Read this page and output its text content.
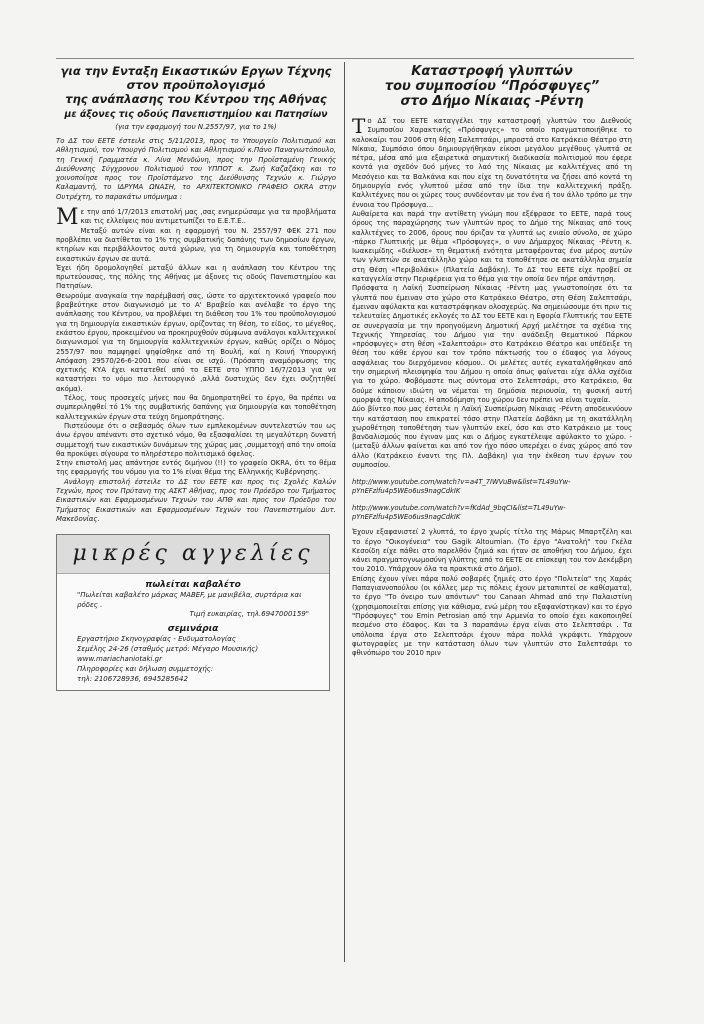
για την Ενταξη Εικαστικών Εργων Τέχνης
στον προϋπολογισμό
της ανάπλασης του Κέντρου της Αθήνας
με άξονες τις οδούς Πανεπιστημίου και Πατησίων
(για την εφαρμογή του Ν.2557/97, για το 1%)

Το ΔΣ του ΕΕΤΕ έστειλε στις 5/11/2013, προς το Υπουργείο Πολιτισμού και Αθλητισμού, τον Υπουργό Πολιτισμού και Αθλητισμού κ.Πάνο Παναγιωτόπουλο, τη Γενική Γραμματέα κ. Λίνα Μενδώνη, προς την Προϊσταμένη Γενικής Διεύθυνσης Σύγχρονου Πολιτισμού του ΥΠΠΟΤ κ. Ζωή Καζαζάκη και το χοινοποίησε προς τον Προϊστάμενο της Διεύθυνσης Τεχνών κ. Γιώργο Καλαμαντή, το ΙΔΡΥΜΑ ΩΝΑΣΗ, το ΑΡΧΙΤΕΚΤΟΝΙΚΟ ΓΡΑΦΕΙΟ OKRA στην Ουτρέχτη, το παρακάτω υπόμνημα :

Με την από 1/7/2013 επιστολή μας ,σας ενημερώσαμε για τα προβλήματα και τις ελλείψεις που αντιμετωπίζει το Ε.Ε.Τ.Ε..

Μεταξύ αυτών είναι και η εφαρμογή του Ν. 2557/97 ΦΕΚ 271 που προβλέπει να διατίθεται το 1% της συμβατικής δαπάνης των δημοσίων έργων, κτηρίων και περιβάλλοντος αυτά χώρων, για τη δημιουργία και τοποθέτηση εικαστικών έργων σε αυτά.

Έχει ήδη δρομολογηθεί μεταξύ άλλων και η ανάπλαση του Κέντρου της πρωτεύουσας, της πόλης της Αθήνας με άξονες τις οδούς Πανεπιστημίου και Πατησίων.

Θεωρούμε αναγκαία την παρέμβασή σας, ώστε το αρχιτεκτονικό γραφείο που βραβεύτηκε στον διαγωνισμό με το Α' Βραβείο και ανέλαβε το έργο της ανάπλασης του Κέντρου, να προβλέψει τη διάθεση του 1% του προϋπολογισμού για τη δημιουργία εικαστικών έργων, ορίζοντας τη θέση, το είδος, το μέγεθος, εκάστου έργου, προκειμένου να προκηρυχθούν σύμφωνα ανάλογοι καλλιτεχνικοί διαγωνισμοί για τη δημιουργία καλλιτεχνικών έργων, καθώς ορίζει ο Νόμος 2557/97 που παμψηφεί ψηφίσθηκε από τη Βουλή, καί η Κοινή Υπουργική Απόφαση 29570/26-6-2001 που είναι σε ισχύ. (Πρόσατη αναμόρφωσης της σχετικής ΚΥΑ έχει κατατεθεί από το ΕΕΤΕ στο ΥΠΠΟ 16/7/2013 για να καταστήσει το νόμο πιο λειτουργικό ,αλλά δυστυχώς δεν έχει συζητηθεί ακόμα).

Τέλος, τους προσεχείς μήνες που θα δημοπρατηθεί το έργο, θα πρέπει να συμπεριληφθεί τό 1% της συμβατικής δαπάνης για δημιουργία και τοποθέτηση καλλιτεχνικών έργων στα τεύχη δημοπράτησης.

Πιστεύουμε ότι ο σεβασμός όλων των εμπλεκομένων συντελεστών του ως άνω έργου απέναντι στο σχετικό νόμο, θα εξασφαλίσει τη μεγαλύτερη δυνατή συμμετοχή των εικαστικών δυνάμεων της χώρας μας ,συμμετοχή από την οποία θα προκύψει σίγουρα το πληρέστερο πολιτισμικό όφελος.

Στην επιστολή μας απάντησε εντός διμήνου (!!) το γραφείο OKRA, ότι το θέμα της εφαρμογής του νόμου για το 1% είναι θέμα της Ελληνικής Κυβέρνησης.

Ανάλογη επιστολή έστειλε το ΔΣ του ΕΕΤΕ και προς τις Σχολές Καλών Τεχνών, προς τον Πρύτανη της ΑΣΚΤ Αθήνας, προς τον Πρόεδρο του Τμήματος Εικαστικών και Εφαρμοσμένων Τεχνών του ΑΠΘ και προς τον Πρόεδρο του Τμήματος Εικαστικών και Εφαρμοσμένων Τεχνών του Πανεπιστημίου Δυτ. Μακεδονίας.

μικρές αγγελίες
πωλείται καβαλέτο
"Πωλείται καβαλέτο μάρκας MABEF, με μανιβέλα, συρτάρια και ρόδες .
Τιμή ευκαιρίας, τηλ.6947000159"
σεμινάρια
Εργαστήριο Σκηνογραφίας - Ενδυματολογίας
Σεμέλης 24-26 (σταθμός μετρό: Μέγαρο Μουσικής)
www.mariachaniotaki.gr
Πληροφορίες και δήλωση συμμετοχής:
τηλ: 2106728936, 6945285642
Καταστροφή γλυπτών
του συμποσίου “Πρόσφυγες”
στο Δήμο Νίκαιας -Ρέντη

Το ΔΣ του ΕΕΤΕ καταγγέλει την καταστροφή γλυπτών του Διεθνούς Συμποσίου Χαρακτικής «Πρόσφυγες» το οποίο πραγματοποιήθηκε το καλοκαίρι του 2006 στη θέση Σαλεπτσάρι, μπροστά στο Κατράκειο Θέατρο στη Νίκαια, Συμπόσιο όπου δημιουργήθηκαν είκοσι μεγάλου μεγέθους γλυπτά σε πέτρα, μέσα από μια εξαιρετικά σημαντική διαδικασία πολιτισμού που έφερε κοντά για σχεδόν δυό μήνες το λαό της Νίκαιας με καλλιτέχνες από τη Μεσόγειο και τα Βαλκάνια και που είχε τη δυνατότητα να ζήσει από κοντά τη δημιουργία ενός γλυπτού μέσα από την ίδια την καλλιτεχνική πράξη. Καλλιτέχνες που οι χώρες τους συνδέονταν με τον ένα ή τον άλλο τρόπο με την έννοια του Πρόσφυγα...

Αυθαίρετα και παρά την αντίθετη γνώμη που εξέφρασε το ΕΕΤΕ, παρά τους όρους της παραχώρησης των γλυπτών προς το Δήμο της Νίκαιας από τους καλλιτέχνες το 2006, όρους που όριζαν τα γλυπτά ως ενιαίο σύνολο, σε χώρο -πάρκο Γλυπτικής με θέμα «Πρόσφυγες», ο νυν Δήμαρχος Νίκαιας -Ρέντη κ. Ιωακειμίδης «διέλυσε» τη θεματική ενότητα μεταφέροντας ένα μέρος αυτών των γλυπτών σε ακατάλληλο χώρο και τα τοποθέτησε σε ακατάλληλα σημεία στη Θέση «Περιβολάκι» (Πλατεία Δαβάκη). Το ΔΣ του ΕΕΤΕ είχε προβεί σε καταγγελία στην Περιφέρεια για το θέμα για την οποία δεν πήρε απάντηση.

Πρόσφατα η Λαϊκή Συσπείρωση Νίκαιας -Ρέντη μας γνωστοποίησε ότι τα γλυπτά που έμειναν στο χώρο στο Κατράκειο Θέατρο, στη Θέση Σαλεπτσάρι, έμειναν αφύλακτα και καταστράφηκαν ολοσχερώς. Να σημειώσουμε ότι πριν τις τελευταίες Δημοτικές εκλογές το ΔΣ του ΕΕΤΕ και η Εφορία Γλυπτικής του ΕΕΤΕ σε συνεργασία με την προηγούμενη Δημοτική Αρχή μελέτησε τα σχέδια της Τεχνικής Υπηρεσίας του Δήμου για την ανάδειξη Θεματικού Πάρκου «πρόσφυγες» στη θέση «Σαλεπτσάρι» στο Κατράκειο Θέατρο και υπέδειξε τη θέση του κάθε έργου και τον τρόπο πάκτωσής του ο έδαφος για λόγους ασφάλειας του διερχόμενου κόσμου.. Οι μελέτες αυτές εγκαταλήφθηκαν από την σημερινή πλειοψηφία του Δήμου η οποία όπως φαίνεται είχε άλλα σχέδια για το χώρο. Φοβόμαστε πως σύντομα στο Σελεπτσάρι, στο Κατράκειο, θα δούμε κάποιον ιδιώτη να νέμεται τη δημόσια περιουσία, τη φυσική αυτή ομορφιά της Νίκαιας. Η αποδόμηση του χώρου δεν πρέπει να είναι τυχαία.

Δύο βίντεο που μας έστειλε η Λαϊκή Συσπείρωση Νίκαιας -Ρέντη αποδεικνύουν την κατάσταση που επικρατεί τόσο στην Πλατεία Δαβάκη με τη ακατάλληλη χωροθέτηση τοποθέτηση των γλυπτών εκεί, όσο και στο Κατράκειο με τους βανδαλισμούς που έγιναν μας και ο Δήμος εγκατέλειψε αφύλακτο το χώρο. -(μεταξύ άλλων φαίνεται και από τον ήχο πόσο υπερέχει ο ένας χώρος από τον άλλο (Κατράκειο έναντι της Πλ. Δαβάκη) για την έκθεση των έργων του συμποσίου.

http://www.youtube.com/watch?v=a4T_7IWVuBw&list=TL49uYw-pYnEFzlfu4p5WEo6us9nagCdkIK

http://www.youtube.com/watch?v=fKdAd_9bqCI&list=TL49uYw-pYnEFzlfu4p5WEo6us9nagCdkIK

Έχουν εξαφανιστεί 2 γλυπτά, το έργο χωρίς τίτλο της Μάρως Μπαρτζέλη και το έργο "Οικογένεια" του Gagik Altoumian. (Το έργο "Ανατολή" του Γκέλα Κεσοίδη είχε πάθει στο παρελθόν ζημιά και ήταν σε αποθήκη του Δήμου, έχει κάνει πραγματογνωμοσύνη γλύπτης από το ΕΕΤΕ σε επίσκεψη του τον Δεκέμβρη του 2010. Υπάρχουν όλα τα πρακτικά στο Δήμο).

Επίσης έχουν γίνει πάρα πολύ σοβαρές ζημιές στο έργο "Πολιτεία" της Χαράς Παπαγιαννοπούλου (οι κόλλες μερ τις πόλεις έχουν μεταπιπτεί σε καθίσματα), το έργο "Το όνειρο των απόντων" του Canaan Ahmad από την Παλαιστίνη (χρησιμοποιείται επίσης για κάθισμα, ενώ μέρη του εξαφανίστηκαν) και το έργο "Πρόσφυγες" του Emin Petrosian από την Αρμενία το οποίο έχει κακοποιηθεί πεσμένο στο έδαφος. Και τα 3 παραπάνω έργα είναι στο Σελεπτσάρι . Τα υπόλοιπα έργα στο Σελεπτσάρι έχουν πάρα πολλά γκράφιτι. Υπάρχουν φωτογραφίες με την κατάσταση όλων των γλυπτών στο Σαλεπτσάρι το φθινόπωρο του 2010 πριν
